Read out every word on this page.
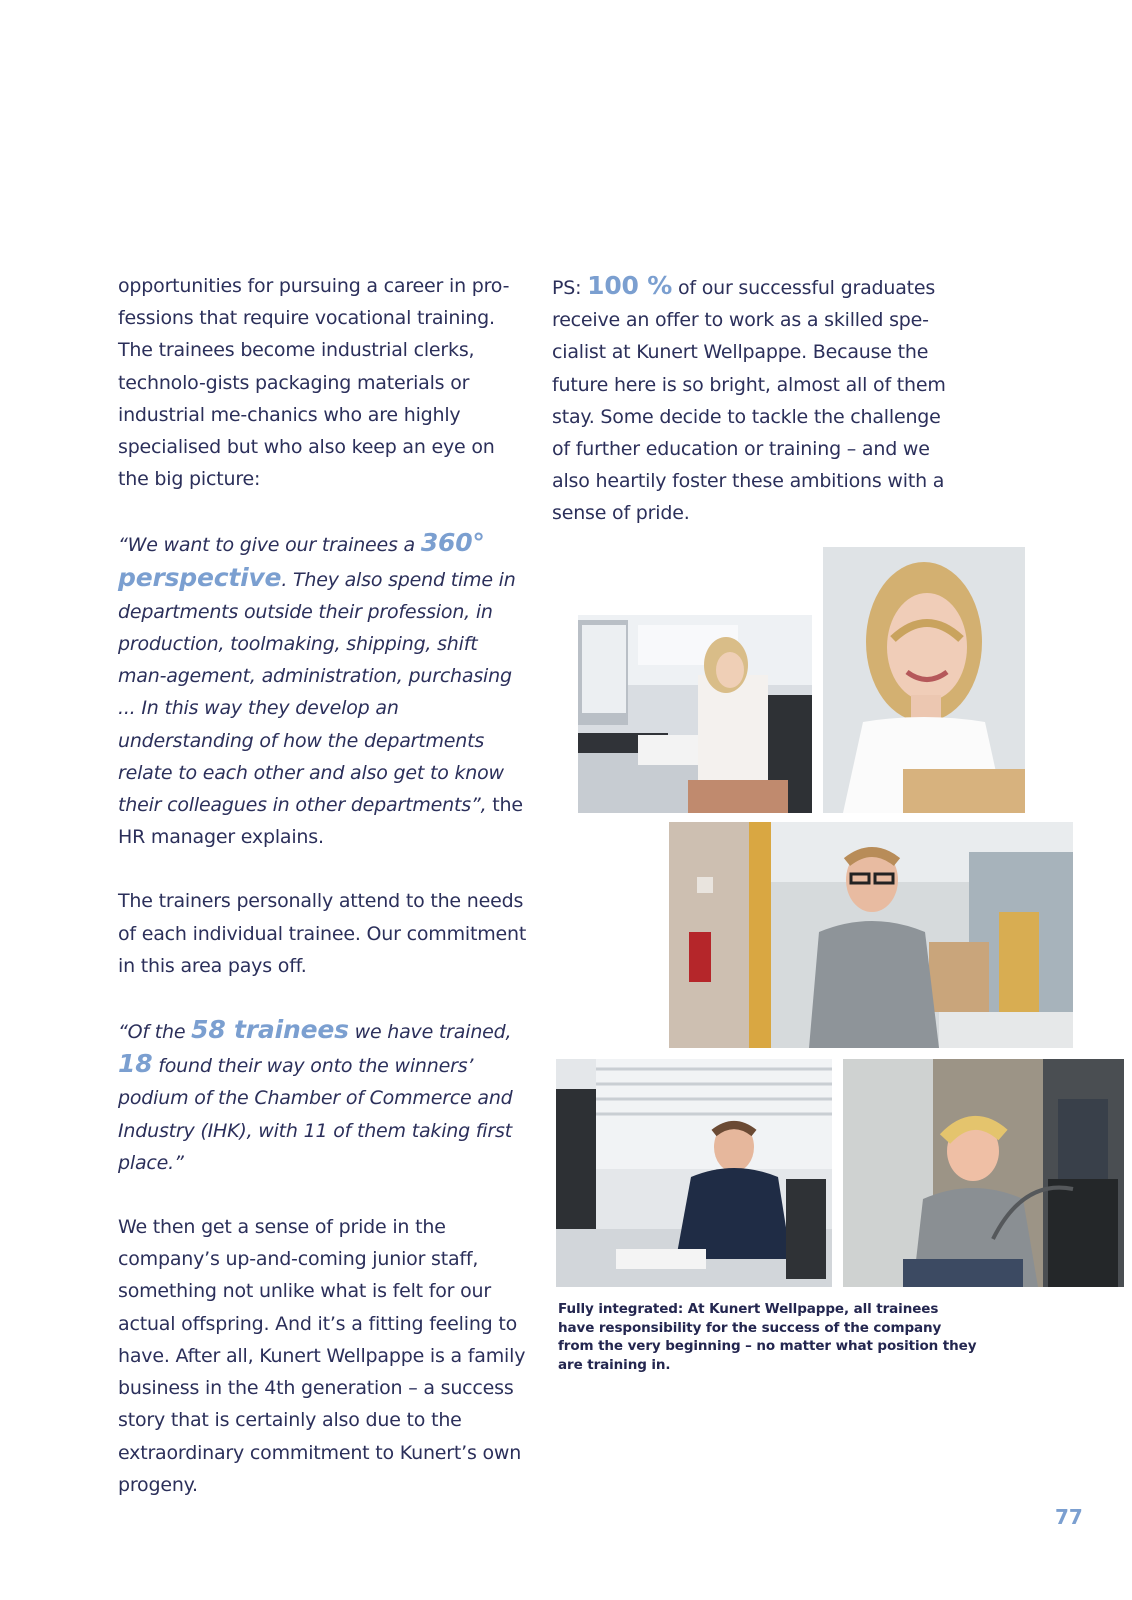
opportunities for pursuing a career in pro-fessions that require vocational training. The trainees become industrial clerks, technolo-gists packaging materials or industrial me-chanics who are highly specialised but who also keep an eye on the big picture:

“We want to give our trainees a 360° perspective. They also spend time in departments outside their profession, in production, toolmaking, shipping, shift man-agement, administration, purchasing ... In this way they develop an understanding of how the departments relate to each other and also get to know their colleagues in other departments”, the HR manager explains.

The trainers personally attend to the needs of each individual trainee. Our commitment in this area pays off.

“Of the 58 trainees we have trained, 18 found their way onto the winners’ podium of the Chamber of Commerce and Industry (IHK), with 11 of them taking first place.”

We then get a sense of pride in the company’s up-and-coming junior staff, something not unlike what is felt for our actual offspring. And it’s a fitting feeling to have. After all, Kunert Wellpappe is a family business in the 4th generation – a success story that is certainly also due to the extraordinary commitment to Kunert’s own progeny.

PS: 100 % of our successful graduates receive an offer to work as a skilled spe-cialist at Kunert Wellpappe. Because the future here is so bright, almost all of them stay. Some decide to tackle the challenge of further education or training – and we also heartily foster these ambitions with a sense of pride.

Fully integrated: At Kunert Wellpappe, all trainees have responsibility for the success of the company from the very beginning – no matter what position they are training in.
77
